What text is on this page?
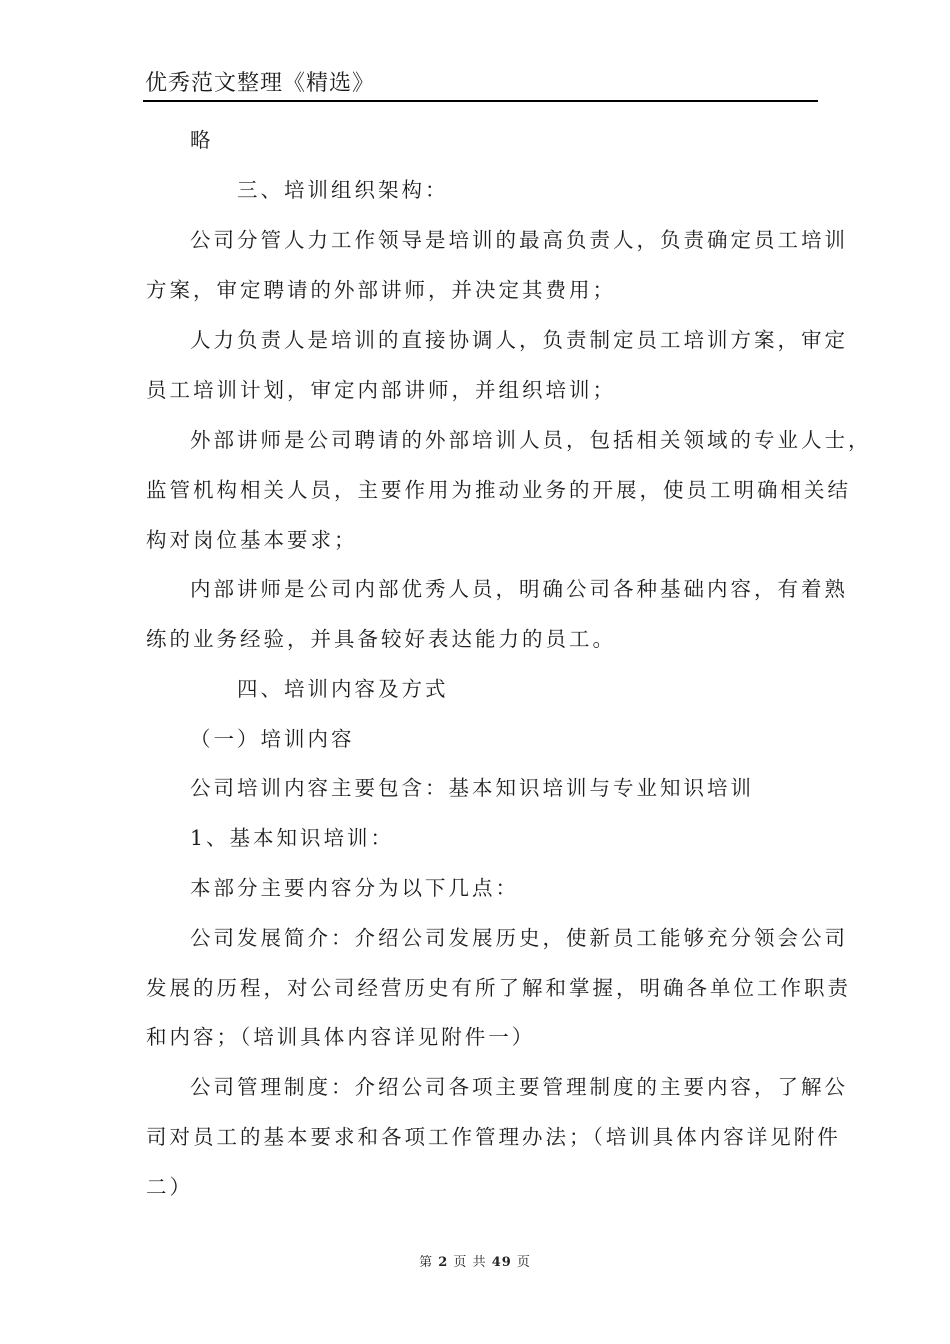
优秀范文整理《精选》
略
三、培训组织架构：
公司分管人力工作领导是培训的最高负责人，负责确定员工培训
方案，审定聘请的外部讲师，并决定其费用；
人力负责人是培训的直接协调人，负责制定员工培训方案，审定
员工培训计划，审定内部讲师，并组织培训；
外部讲师是公司聘请的外部培训人员，包括相关领域的专业人士，
监管机构相关人员，主要作用为推动业务的开展，使员工明确相关结
构对岗位基本要求；
内部讲师是公司内部优秀人员，明确公司各种基础内容，有着熟
练的业务经验，并具备较好表达能力的员工。
四、培训内容及方式
（一）培训内容
公司培训内容主要包含：基本知识培训与专业知识培训
1、基本知识培训：
本部分主要内容分为以下几点：
公司发展简介：介绍公司发展历史，使新员工能够充分领会公司
发展的历程，对公司经营历史有所了解和掌握，明确各单位工作职责
和内容；（培训具体内容详见附件一）
公司管理制度：介绍公司各项主要管理制度的主要内容，了解公
司对员工的基本要求和各项工作管理办法；（培训具体内容详见附件
二）
第 2 页 共 49 页
